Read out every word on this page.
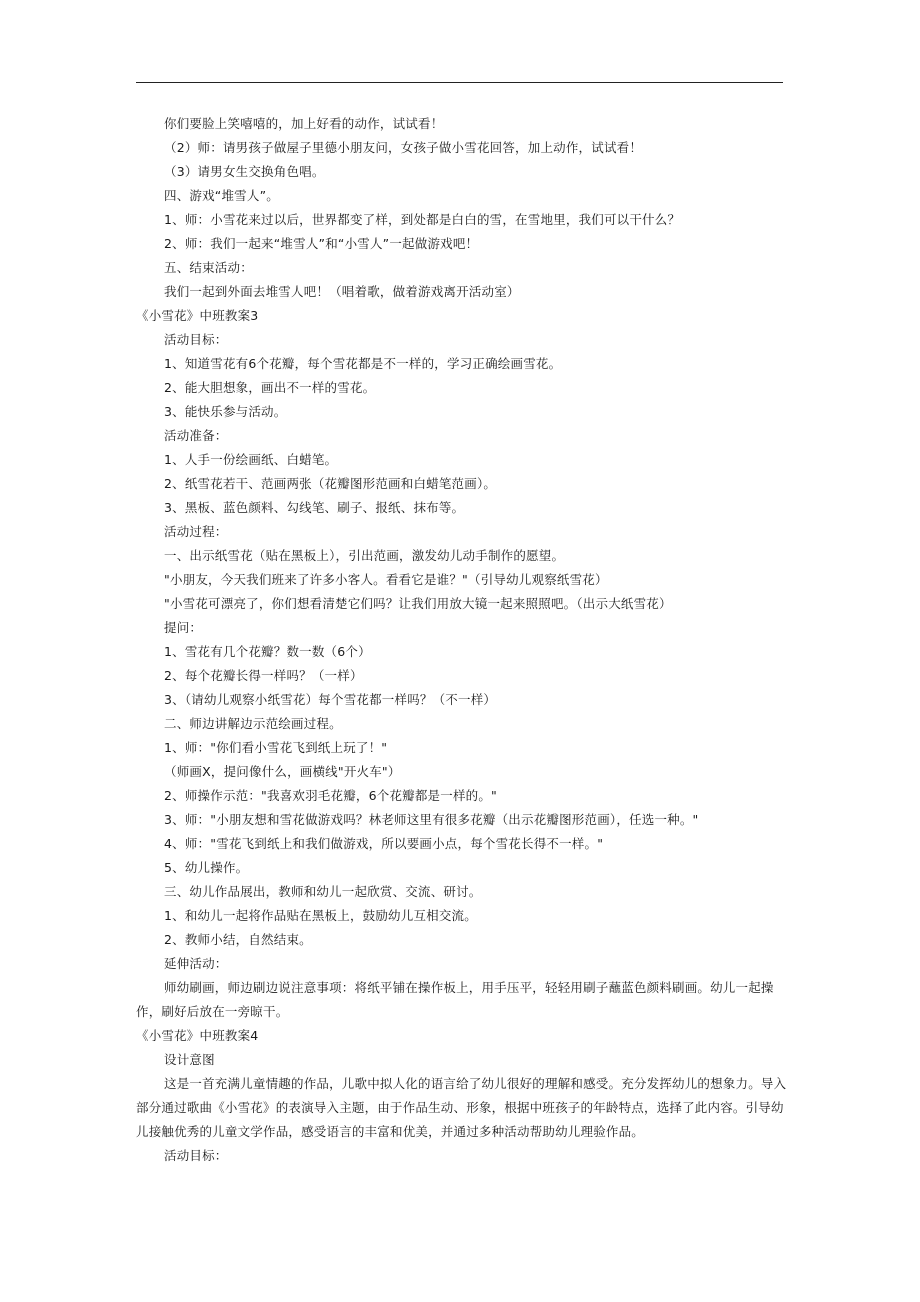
你们要脸上笑嘻嘻的，加上好看的动作，试试看！
（2）师：请男孩子做屋子里德小朋友问，女孩子做小雪花回答，加上动作，试试看！
（3）请男女生交换角色唱。
四、游戏“堆雪人”。
1、师：小雪花来过以后，世界都变了样，到处都是白白的雪，在雪地里，我们可以干什么？
2、师：我们一起来“堆雪人”和“小雪人”一起做游戏吧！
五、结束活动：
我们一起到外面去堆雪人吧！（唱着歌，做着游戏离开活动室）
《小雪花》中班教案3
活动目标：
1、知道雪花有6个花瓣，每个雪花都是不一样的，学习正确绘画雪花。
2、能大胆想象，画出不一样的雪花。
3、能快乐参与活动。
活动准备：
1、人手一份绘画纸、白蜡笔。
2、纸雪花若干、范画两张（花瓣图形范画和白蜡笔范画）。
3、黑板、蓝色颜料、勾线笔、刷子、报纸、抹布等。
活动过程：
一、出示纸雪花（贴在黑板上），引出范画，激发幼儿动手制作的愿望。
"小朋友，今天我们班来了许多小客人。看看它是谁？"（引导幼儿观察纸雪花）
"小雪花可漂亮了，你们想看清楚它们吗？让我们用放大镜一起来照照吧。（出示大纸雪花）
提问：
1、雪花有几个花瓣？数一数（6个）
2、每个花瓣长得一样吗？（一样）
3、（请幼儿观察小纸雪花）每个雪花都一样吗？（不一样）
二、师边讲解边示范绘画过程。
1、师："你们看小雪花飞到纸上玩了！"
（师画X，提问像什么，画横线"开火车"）
2、师操作示范："我喜欢羽毛花瓣，6个花瓣都是一样的。"
3、师："小朋友想和雪花做游戏吗？林老师这里有很多花瓣（出示花瓣图形范画），任选一种。"
4、师："雪花飞到纸上和我们做游戏，所以要画小点，每个雪花长得不一样。"
5、幼儿操作。
三、幼儿作品展出，教师和幼儿一起欣赏、交流、研讨。
1、和幼儿一起将作品贴在黑板上，鼓励幼儿互相交流。
2、教师小结，自然结束。
延伸活动：
师幼刷画，师边刷边说注意事项：将纸平铺在操作板上，用手压平，轻轻用刷子蘸蓝色颜料刷画。幼儿一起操作，刷好后放在一旁晾干。
《小雪花》中班教案4
设计意图
这是一首充满儿童情趣的作品，儿歌中拟人化的语言给了幼儿很好的理解和感受。充分发挥幼儿的想象力。导入部分通过歌曲《小雪花》的表演导入主题，由于作品生动、形象，根据中班孩子的年龄特点，选择了此内容。引导幼儿接触优秀的儿童文学作品，感受语言的丰富和优美，并通过多种活动帮助幼儿理验作品。
活动目标：
